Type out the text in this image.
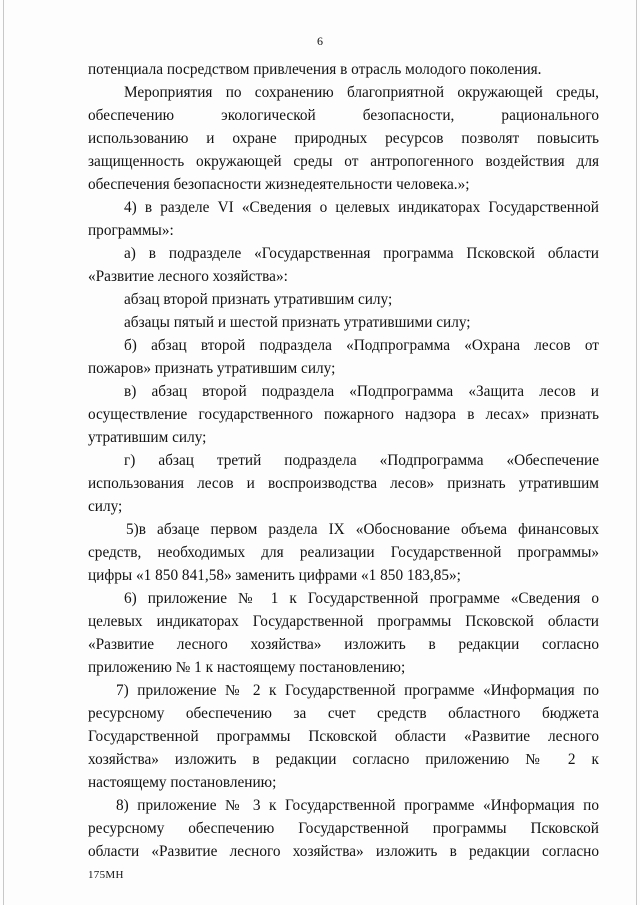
6
потенциала посредством привлечения в отрасль молодого поколения.
Мероприятия по сохранению благоприятной окружающей среды,
обеспечению экологической безопасности, рационального
использованию и охране природных ресурсов позволят повысить
защищенность окружающей среды от антропогенного воздействия для
обеспечения безопасности жизнедеятельности человека.»;
4) в разделе VI «Сведения о целевых индикаторах Государственной
программы»:
а) в подразделе «Государственная программа Псковской области
«Развитие лесного хозяйства»:
абзац второй признать утратившим силу;
абзацы пятый и шестой признать утратившими силу;
б) абзац второй подраздела «Подпрограмма «Охрана лесов от
пожаров» признать утратившим силу;
в) абзац второй подраздела «Подпрограмма «Защита лесов и
осуществление государственного пожарного надзора в лесах» признать
утратившим силу;
г) абзац третий подраздела «Подпрограмма «Обеспечение
использования лесов и воспроизводства лесов» признать утратившим
силу;
5)в абзаце первом раздела IX «Обоснование объема финансовых
средств, необходимых для реализации Государственной программы»
цифры «1 850 841,58» заменить цифрами «1 850 183,85»;
6) приложение № 1 к Государственной программе «Сведения о
целевых индикаторах Государственной программы Псковской области
«Развитие лесного хозяйства» изложить в редакции согласно
приложению № 1 к настоящему постановлению;
7) приложение № 2 к Государственной программе «Информация по
ресурсному обеспечению за счет средств областного бюджета
Государственной программы Псковской области «Развитие лесного
хозяйства» изложить в редакции согласно приложению № 2 к
настоящему постановлению;
8) приложение № 3 к Государственной программе «Информация по
ресурсному обеспечению Государственной программы Псковской
области «Развитие лесного хозяйства» изложить в редакции согласно
175МН
